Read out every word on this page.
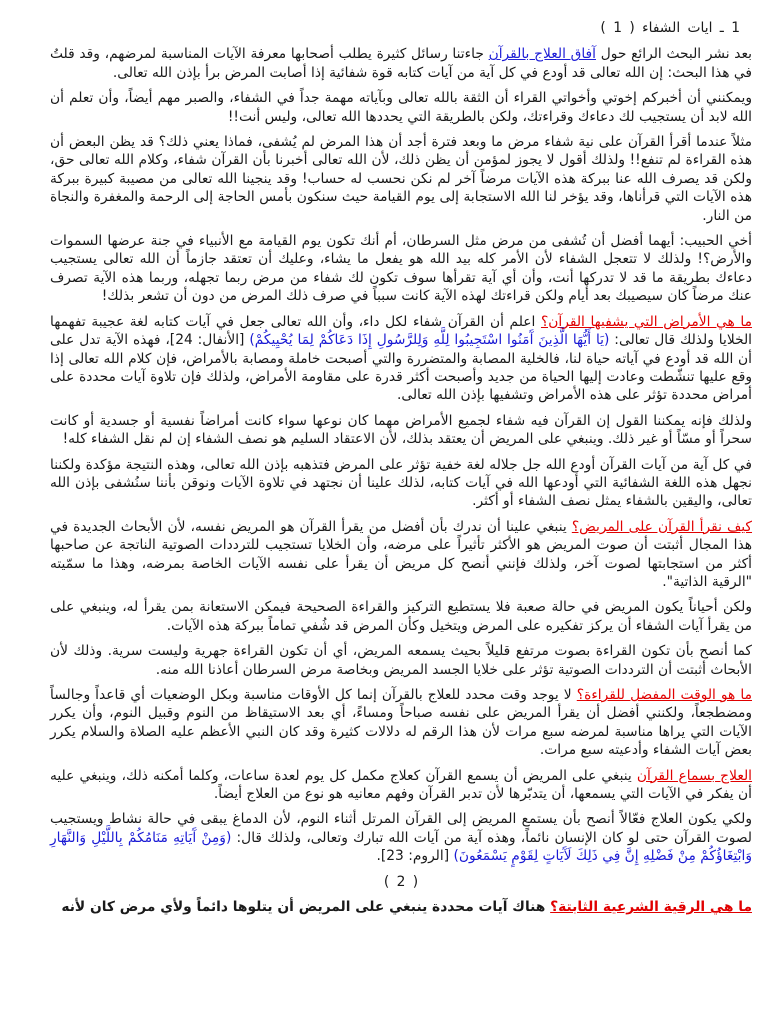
1 ـ ايات الشفاء ( 1 )

بعد نشر البحث الرائع حول آفاق العلاج بالقرآن جاءتنا رسائل كثيرة يطلب أصحابها معرفة الآيات المناسبة لمرضهم، وقد قلتُ في هذا البحث: إن الله تعالى قد أودع في كل آية من آيات كتابه قوة شفائية إذا أصابت المرض برأ بإذن الله تعالى.

ويمكنني أن أخبركم إخوتي وأخواتي القراء أن الثقة بالله تعالى وبآياته مهمة جداً في الشفاء، والصبر مهم أيضاً، وأن تعلم أن الله لابد أن يستجيب لك دعاءك وقراءتك، ولكن بالطريقة التي يحددها الله تعالى، وليس أنت!!

مثلاً عندما أقرأ القرآن على نية شفاء مرض ما وبعد فترة أجد أن هذا المرض لم يُشفى، فماذا يعني ذلك؟ قد يظن البعض أن هذه القراءة لم تنفع!! ولذلك أقول لا يجوز لمؤمن أن يظن ذلك، لأن الله تعالى أخبرنا بأن القرآن شفاء، وكلام الله تعالى حق، ولكن قد يصرف الله عنا ببركة هذه الآيات مرضاً آخر لم نكن نحسب له حساب! وقد ينجينا الله تعالى من مصيبة كبيرة ببركة هذه الآيات التي قرأناها، وقد يؤخر لنا الله الاستجابة إلى يوم القيامة حيث سنكون بأمس الحاجة إلى الرحمة والمغفرة والنجاة من النار.

أخي الحبيب: أيهما أفضل أن تُشفى من مرض مثل السرطان، أم أنك تكون يوم القيامة مع الأنبياء في جنة عرضها السموات والأرض؟! ولذلك لا تتعجل الشفاء لأن الأمر كله بيد الله هو يفعل ما يشاء، وعليك أن تعتقد جازماً أن الله تعالى يستجيب دعاءك بطريقة ما قد لا تدركها أنت، وأن أي آية تقرأها سوف تكون لك شفاء من مرض ربما تجهله، وربما هذه الآية تصرف عنك مرضاً كان سيصيبك بعد أيام ولكن قراءتك لهذه الآية كانت سبباً في صرف ذلك المرض من دون أن تشعر بذلك!

ما هي الأمراض التي يشفيها القرآن؟ اعلم أن القرآن شفاء لكل داء، وأن الله تعالى جعل في آيات كتابه لغة عجيبة تفهمها الخلايا ولذلك قال تعالى: (يَا أَيُّهَا الَّذِينَ آَمَنُوا اسْتَجِيبُوا لِلَّهِ وَلِلرَّسُولِ إِذَا دَعَاكُمْ لِمَا يُحْيِيكُمْ) [الأنفال: 24]، فهذه الآية تدل على أن الله قد أودع في آياته حياة لنا، فالخلية المصابة والمتضررة والتي أصبحت خاملة ومصابة بالأمراض، فإن كلام الله تعالى إذا وقع عليها تنشّطت وعادت إليها الحياة من جديد وأصبحت أكثر قدرة على مقاومة الأمراض، ولذلك فإن تلاوة آيات محددة على أمراض محددة تؤثر على هذه الأمراض وتشفيها بإذن الله تعالى.

ولذلك فإنه يمكننا القول إن القرآن فيه شفاء لجميع الأمراض مهما كان نوعها سواء كانت أمراضاً نفسية أو جسدية أو كانت سحراً أو مسّاً أو غير ذلك. وينبغي على المريض أن يعتقد بذلك، لأن الاعتقاد السليم هو نصف الشفاء إن لم نقل الشفاء كله!

في كل آية من آيات القرآن أودع الله جل جلاله لغة خفية تؤثر على المرض فتذهبه بإذن الله تعالى، وهذه النتيجة مؤكدة ولكننا نجهل هذه اللغة الشفائية التي أودعها الله في آيات كتابه، لذلك علينا أن نجتهد في تلاوة الآيات ونوقن بأننا سنُشفى بإذن الله تعالى، واليقين بالشفاء يمثل نصف الشفاء أو أكثر.

كيف نقرأ القرآن على المريض؟ ينبغي علينا أن ندرك بأن أفضل من يقرأ القرآن هو المريض نفسه، لأن الأبحاث الجديدة في هذا المجال أثبتت أن صوت المريض هو الأكثر تأثيراً على مرضه، وأن الخلايا تستجيب للترددات الصوتية الناتجة عن صاحبها أكثر من استجابتها لصوت آخر، ولذلك فإنني أنصح كل مريض أن يقرأ على نفسه الآيات الخاصة بمرضه، وهذا ما سمّيته "الرقية الذاتية".

ولكن أحياناً يكون المريض في حالة صعبة فلا يستطيع التركيز والقراءة الصحيحة فيمكن الاستعانة بمن يقرأ له، وينبغي على من يقرأ آيات الشفاء أن يركز تفكيره على المرض ويتخيل وكأن المرض قد شُفي تماماً ببركة هذه الآيات.

كما أنصح بأن تكون القراءة بصوت مرتفع قليلاً بحيث يسمعه المريض، أي أن تكون القراءة جهرية وليست سرية. وذلك لأن الأبحاث أثبتت أن الترددات الصوتية تؤثر على خلايا الجسد المريض وبخاصة مرض السرطان أعاذنا الله منه.

ما هو الوقت المفضل للقراءة؟ لا يوجد وقت محدد للعلاج بالقرآن إنما كل الأوقات مناسبة وبكل الوضعيات أي قاعداً وجالساً ومضطجعاً، ولكنني أفضل أن يقرأ المريض على نفسه صباحاً ومساءً، أي بعد الاستيقاظ من النوم وقبيل النوم، وأن يكرر الآيات التي يراها مناسبة لمرضه سبع مرات لأن هذا الرقم له دلالات كثيرة وقد كان النبي الأعظم عليه الصلاة والسلام يكرر بعض آيات الشفاء وأدعيته سبع مرات.

العلاج بسماع القرآن ينبغي على المريض أن يسمع القرآن كعلاج مكمل كل يوم لعدة ساعات، وكلما أمكنه ذلك، وينبغي عليه أن يفكر في الآيات التي يسمعها، أن يتدبّرها لأن تدبر القرآن وفهم معانيه هو نوع من العلاج أيضاً.

ولكي يكون العلاج فعّالاً أنصح بأن يستمع المريض إلى القرآن المرتل أثناء النوم، لأن الدماغ يبقى في حالة نشاط ويستجيب لصوت القرآن حتى لو كان الإنسان نائماً، وهذه آية من آيات الله تبارك وتعالى، ولذلك قال: (وَمِنْ آَيَاتِهِ مَنَامُكُمْ بِاللَّيْلِ وَالنَّهَارِ وَابْتِغَاؤُكُمْ مِنْ فَضْلِهِ إِنَّ فِي ذَلِكَ لَآَيَاتٍ لِقَوْمٍ يَسْمَعُونَ) [الروم: 23].

( 2 )

ما هي الرقية الشرعية الثابتة؟ هناك آيات محددة ينبغي على المريض أن يتلوها دائماً ولأي مرض كان لأنه
